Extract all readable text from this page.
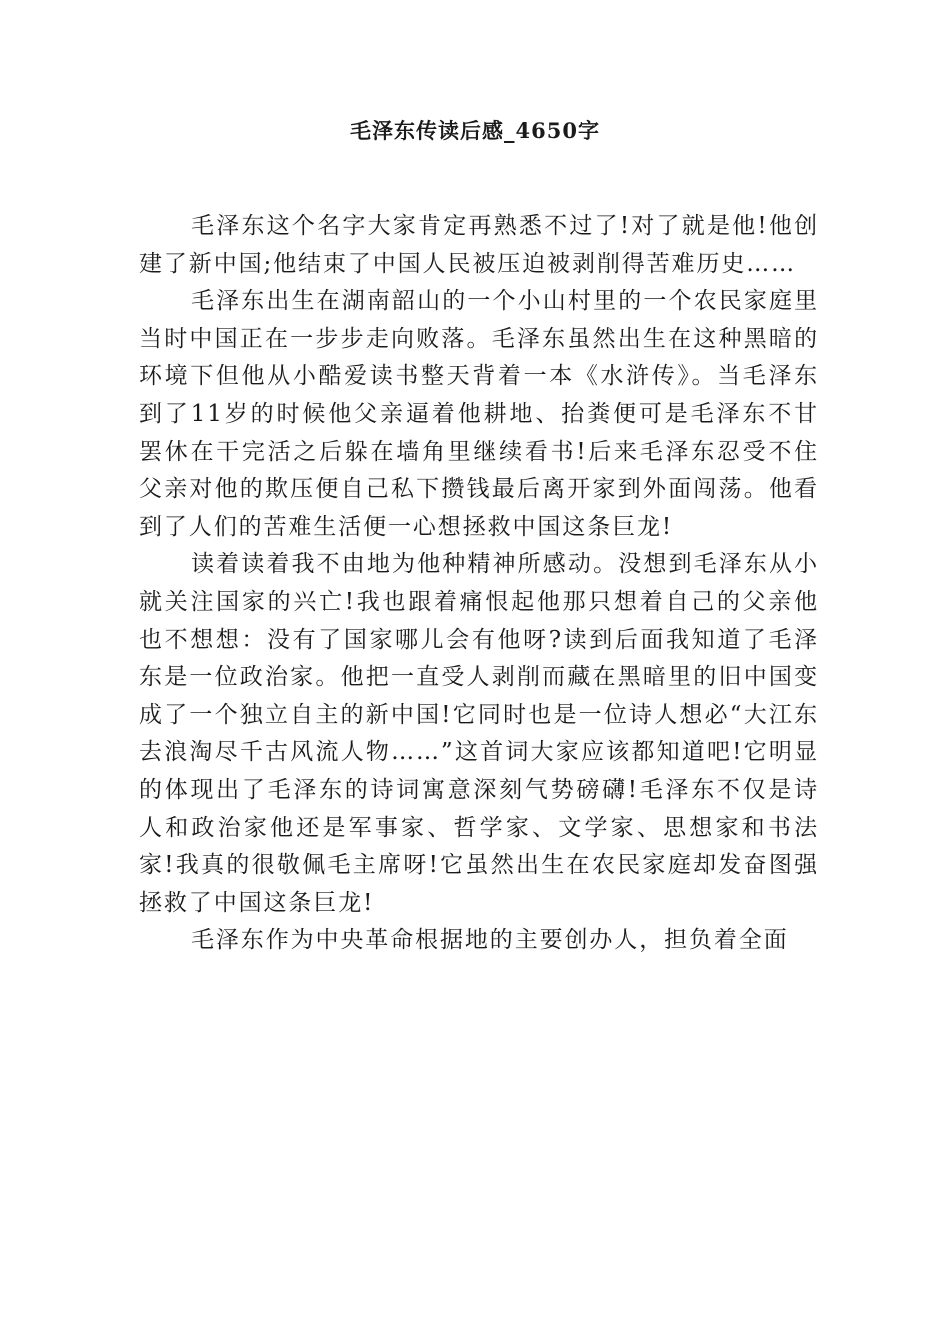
毛泽东传读后感_4650字

毛泽东这个名字大家肯定再熟悉不过了!对了就是他!他创建了新中国;他结束了中国人民被压迫被剥削得苦难历史……

毛泽东出生在湖南韶山的一个小山村里的一个农民家庭里当时中国正在一步步走向败落。毛泽东虽然出生在这种黑暗的环境下但他从小酷爱读书整天背着一本《水浒传》。当毛泽东到了11岁的时候他父亲逼着他耕地、抬粪便可是毛泽东不甘罢休在干完活之后躲在墙角里继续看书!后来毛泽东忍受不住父亲对他的欺压便自己私下攒钱最后离开家到外面闯荡。他看到了人们的苦难生活便一心想拯救中国这条巨龙!

读着读着我不由地为他种精神所感动。没想到毛泽东从小就关注国家的兴亡!我也跟着痛恨起他那只想着自己的父亲他也不想想：没有了国家哪儿会有他呀?读到后面我知道了毛泽东是一位政治家。他把一直受人剥削而藏在黑暗里的旧中国变成了一个独立自主的新中国!它同时也是一位诗人想必“大江东去浪淘尽千古风流人物……”这首词大家应该都知道吧!它明显的体现出了毛泽东的诗词寓意深刻气势磅礴!毛泽东不仅是诗人和政治家他还是军事家、哲学家、文学家、思想家和书法家!我真的很敬佩毛主席呀!它虽然出生在农民家庭却发奋图强拯救了中国这条巨龙!

毛泽东作为中央革命根据地的主要创办人，担负着全面
